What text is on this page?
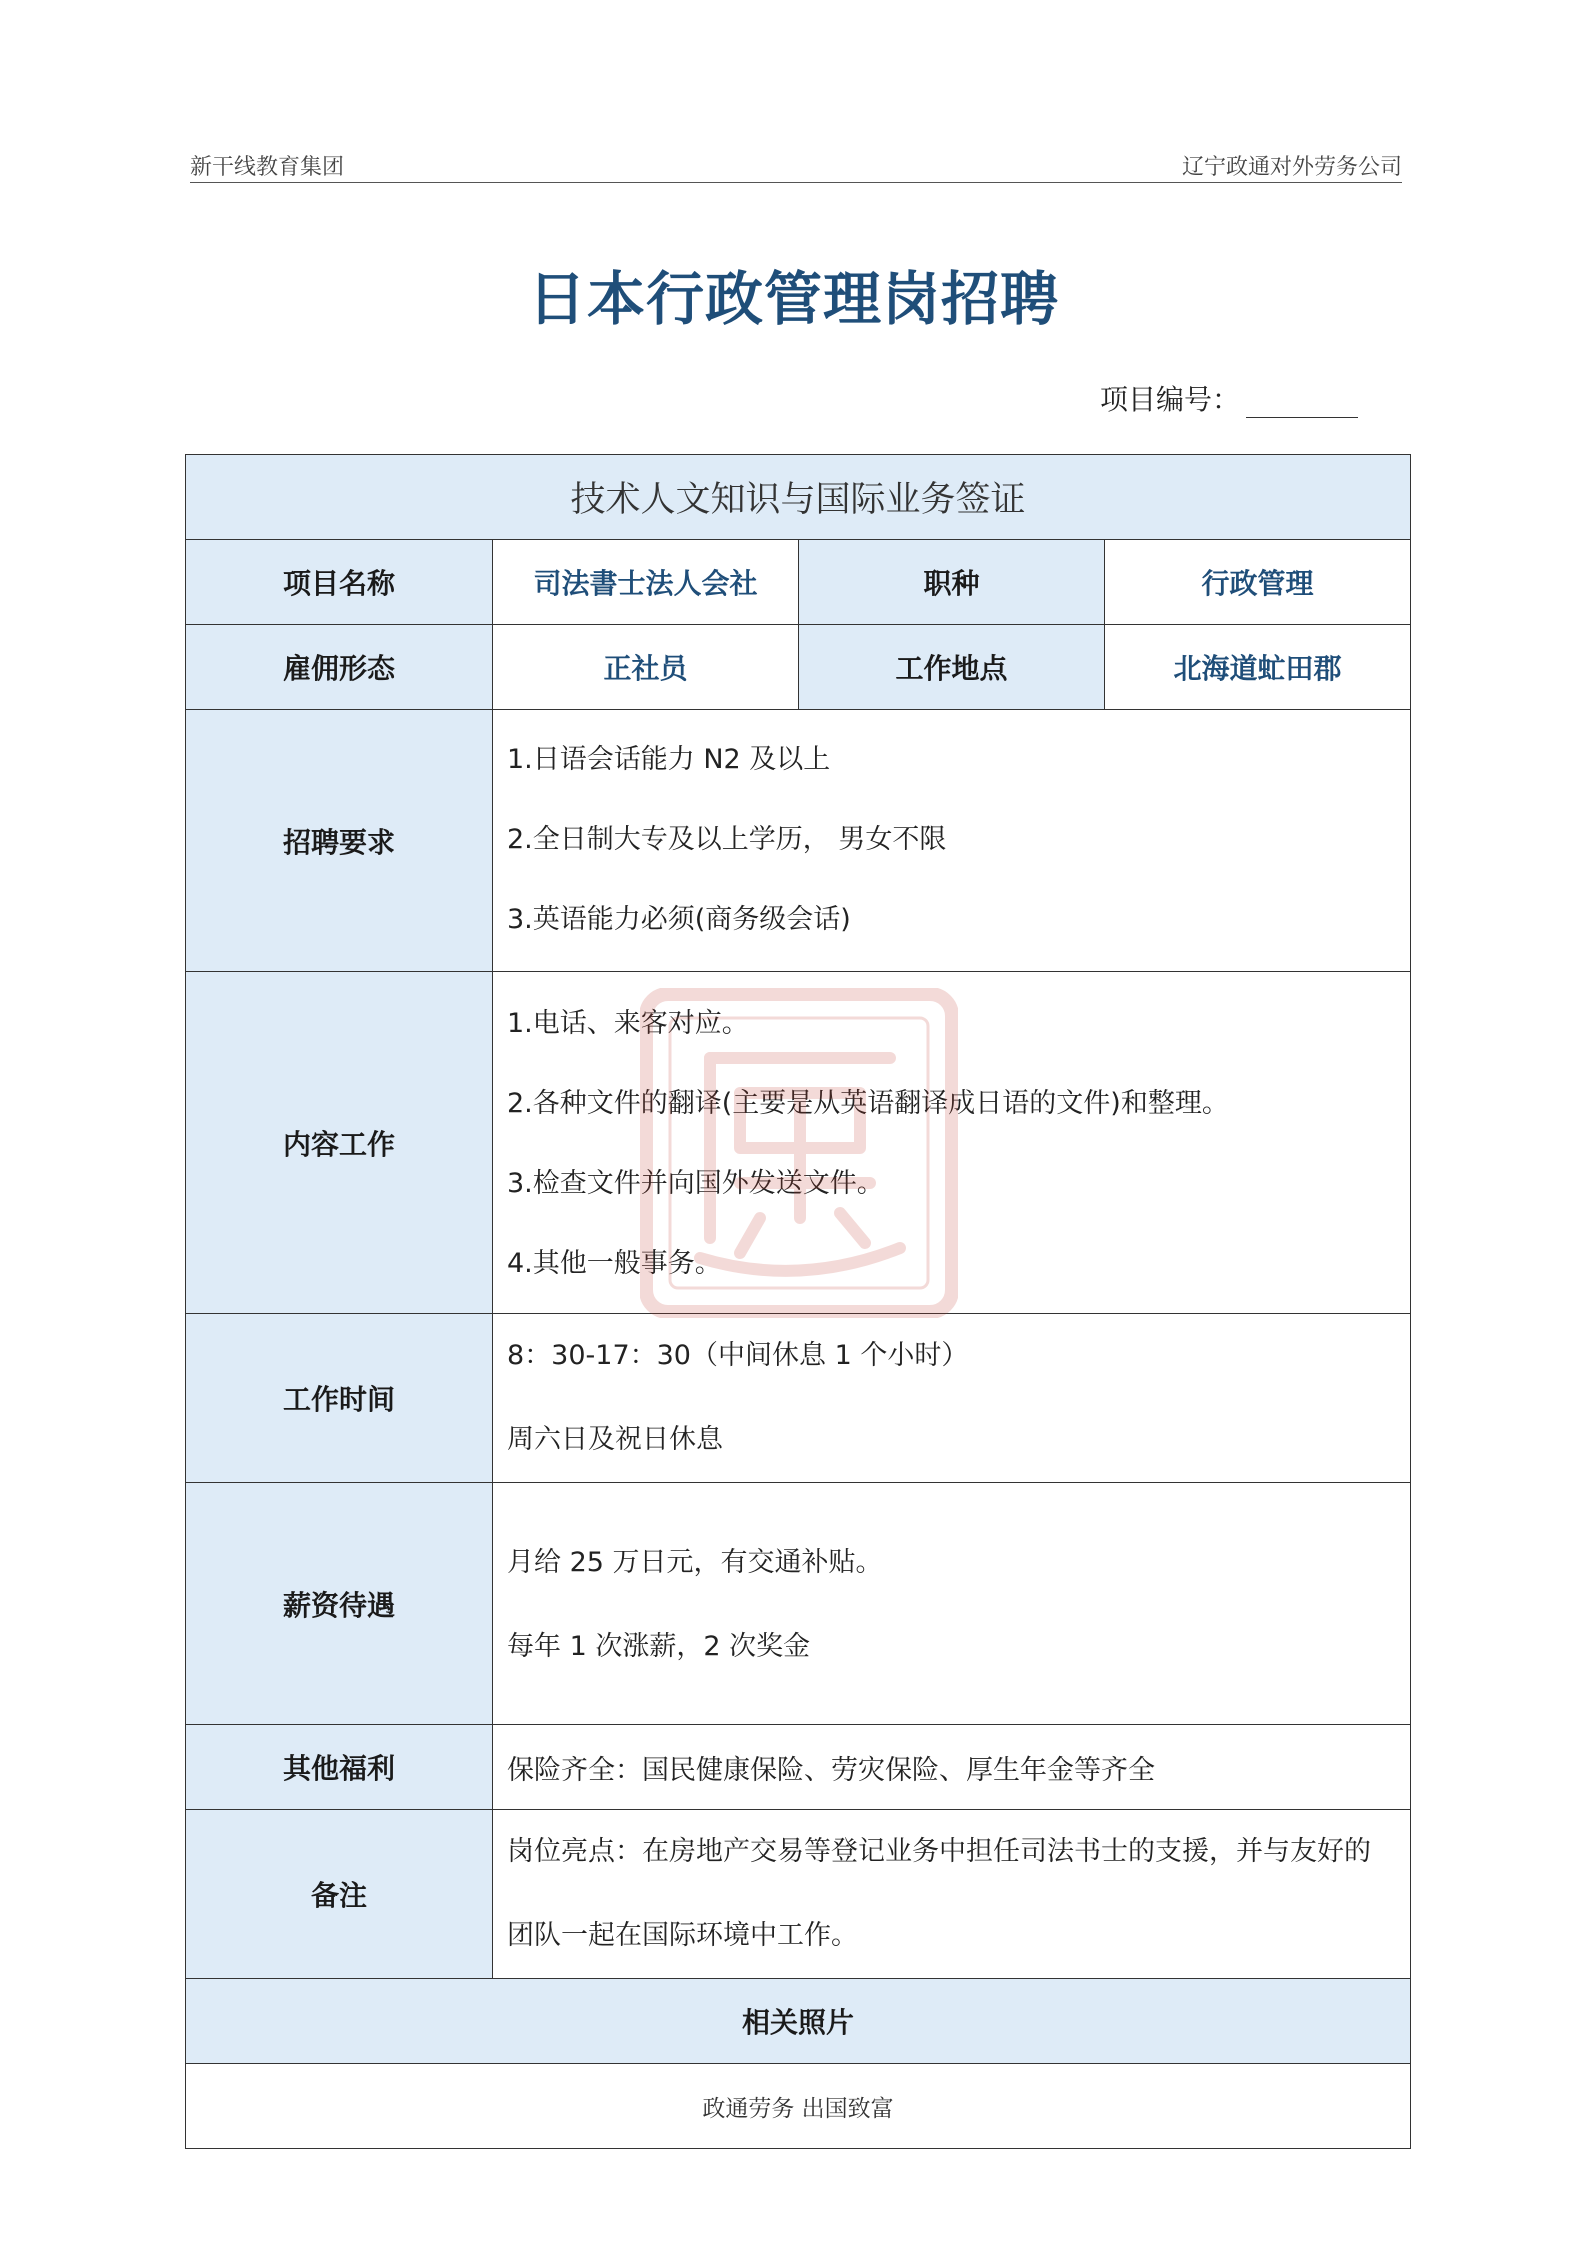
新干线教育集团	辽宁政通对外劳务公司
日本行政管理岗招聘
项目编号：
技术人文知识与国际业务签证			
项目名称	司法書士法人会社	职种	行政管理
雇佣形态	正社员	工作地点	北海道虻田郡
招聘要求	1.日语会话能力 N2 及以上

2.全日制大专及以上学历， 男女不限

3.英语能力必须(商务级会话)		

内容工作	1.电话、来客对应。

2.各种文件的翻译(主要是从英语翻译成日语的文件)和整理。

3.检查文件并向国外发送文件。

4.其他一般事务。		

工作时间	8：30-17：30（中间休息 1 个小时）

周六日及祝日休息		

薪资待遇	月给 25 万日元，有交通补贴。

每年 1 次涨薪，2 次奖金		

其他福利	保险齐全：国民健康保险、劳灾保险、厚生年金等齐全		
备注	岗位亮点：在房地产交易等登记业务中担任司法书士的支援，并与友好的

团队一起在国际环境中工作。		

相关照片			
政通劳务 出国致富			
